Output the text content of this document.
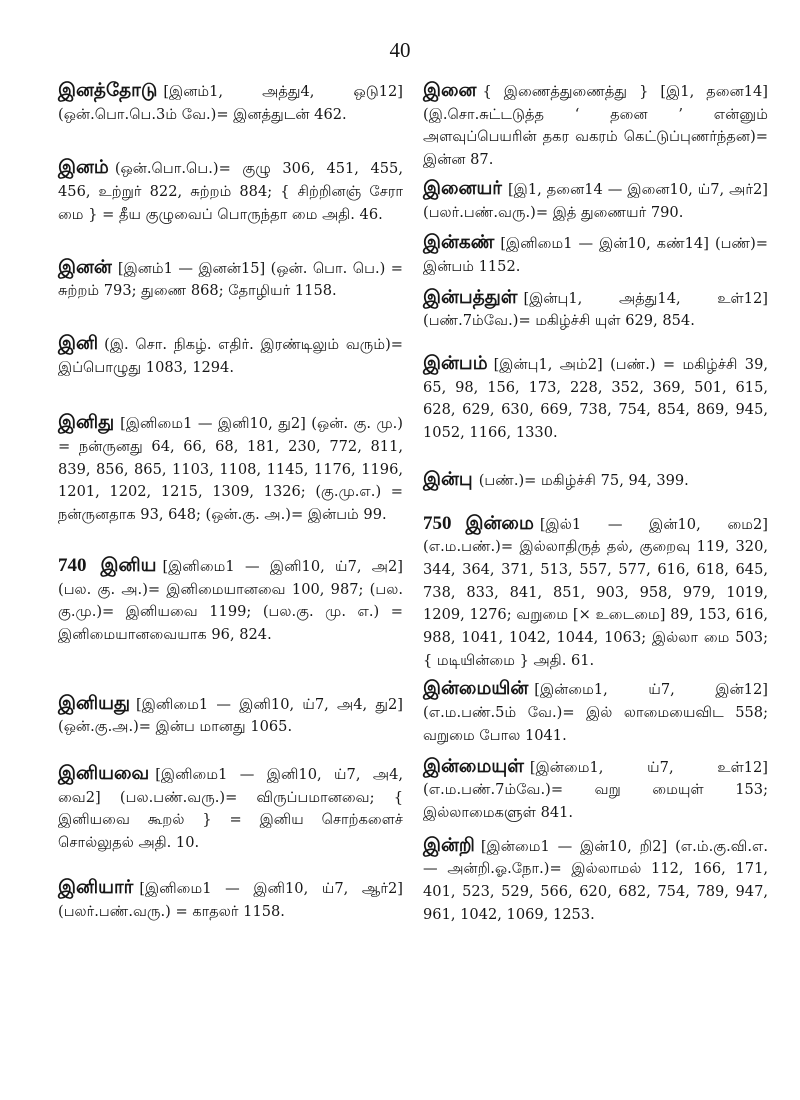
40

இனத்தோடு [இனம்1, அத்து4, ஒடு12] (ஒன்.பொ.பெ.3ம் வே.)= இனத்துடன் 462.

இனம் (ஒன்.பொ.பெ.)= குழு 306, 451, 455, 456, உற்றுர் 822, சுற்றம் 884; { சிற்றினஞ் சேரா மை } = தீய குழுவைப் பொருந்தா மை அதி. 46.

இனன் [இனம்1 — இனன்15] (ஒன். பொ. பெ.) = சுற்றம் 793; துணை 868; தோழியர் 1158.

இனி (இ. சொ. நிகழ். எதிர். இரண்டிலும் வரும்)= இப்பொழுது 1083, 1294.

இனிது [இனிமை1 — இனி10, து2] (ஒன். கு. மு.) = நன்ருனது 64, 66, 68, 181, 230, 772, 811, 839, 856, 865, 1103, 1108, 1145, 1176, 1196, 1201, 1202, 1215, 1309, 1326; (கு.மு.எ.) = நன்ருனதாக 93, 648; (ஒன்.கு. அ.)= இன்பம் 99.

740 இனிய [இனிமை1 — இனி10, ய்7, அ2] (பல. கு. அ.)= இனிமையானவை 100, 987; (பல. கு.மு.)= இனியவை 1199; (பல.கு. மு. எ.) = இனிமையானவையாக 96, 824.

இனியது [இனிமை1 — இனி10, ய்7, அ4, து2] (ஒன்.கு.அ.)= இன்ப மானது 1065.

இனியவை [இனிமை1 — இனி10, ய்7, அ4, வை2] (பல.பண்.வரு.)= விருப்பமானவை; { இனியவை கூறல் } = இனிய சொற்களைச் சொல்லுதல் அதி. 10.

இனியார் [இனிமை1 — இனி10, ய்7, ஆர்2] (பலர்.பண்.வரு.) = காதலர் 1158.

இனை { இணைத்துணைத்து } [இ1, தனை14] (இ.சொ.சுட்டடுத்த ‘ தனை ’ என்னும் அளவுப்பெயரின் தகர வகரம் கெட்டுப்புணர்ந்தன)= இன்ன 87.

இனையர் [இ1, தனை14 — இனை10, ய்7, அர்2] (பலர்.பண்.வரு.)= இத் துணையர் 790.

இன்கண் [இனிமை1 — இன்10, கண்14] (பண்)= இன்பம் 1152.

இன்பத்துள் [இன்பு1, அத்து14, உள்12] (பண்.7ம்வே.)= மகிழ்ச்சி யுள் 629, 854.

இன்பம் [இன்பு1, அம்2] (பண்.) = மகிழ்ச்சி 39, 65, 98, 156, 173, 228, 352, 369, 501, 615, 628, 629, 630, 669, 738, 754, 854, 869, 945, 1052, 1166, 1330.

இன்பு (பண்.)= மகிழ்ச்சி 75, 94, 399.

750 இன்மை [இல்1 — இன்10, மை2] (எ.ம.பண்.)= இல்லாதிருத் தல், குறைவு 119, 320, 344, 364, 371, 513, 557, 577, 616, 618, 645, 738, 833, 841, 851, 903, 958, 979, 1019, 1209, 1276; வறுமை [× உடைமை] 89, 153, 616, 988, 1041, 1042, 1044, 1063; இல்லா மை 503; { மடியின்மை } அதி. 61.

இன்மையின் [இன்மை1, ய்7, இன்12] (எ.ம.பண்.5ம் வே.)= இல் லாமையைவிட 558; வறுமை போல 1041.

இன்மையுள் [இன்மை1, ய்7, உள்12] (எ.ம.பண்.7ம்வே.)= வறு மையுள் 153; இல்லாமைகளுள் 841.

இன்றி [இன்மை1 — இன்10, றி2] (எ.ம்.கு.வி.எ. — அன்றி.ஓ.நோ.)= இல்லாமல் 112, 166, 171, 401, 523, 529, 566, 620, 682, 754, 789, 947, 961, 1042, 1069, 1253.
